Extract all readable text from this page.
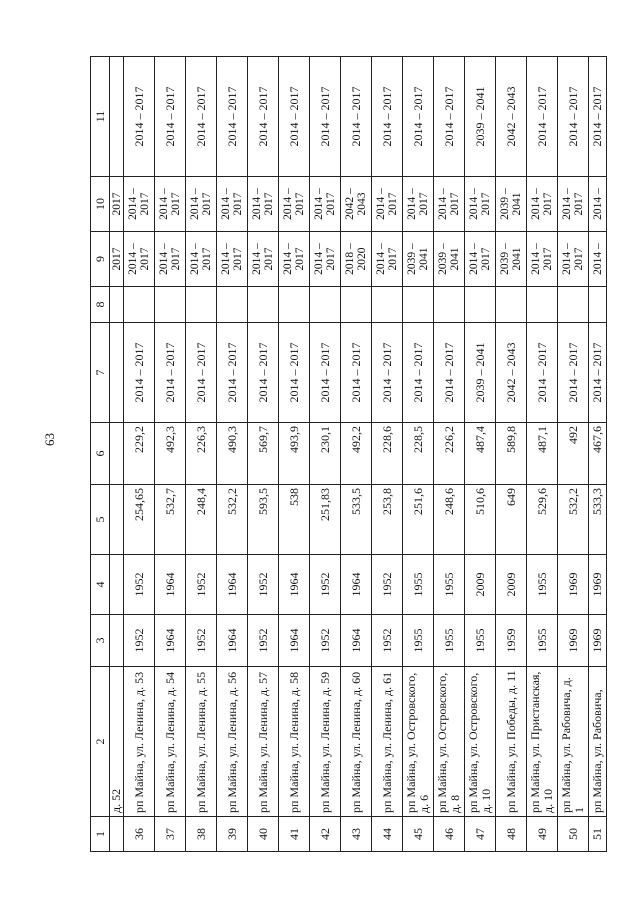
63
1	2	3	4	5	6	7	8	9	10	11
	д. 52							2017	2017	
36	рп Майна, ул. Ленина, д. 53	1952	1952	254,65	229,2	2014 – 2017		2014 – 2017	2014 – 2017	2014 – 2017
37	рп Майна, ул. Ленина, д. 54	1964	1964	532,7	492,3	2014 – 2017		2014 – 2017	2014 – 2017	2014 – 2017
38	рп Майна, ул. Ленина, д. 55	1952	1952	248,4	226,3	2014 – 2017		2014 – 2017	2014 – 2017	2014 – 2017
39	рп Майна, ул. Ленина, д. 56	1964	1964	532,2	490,3	2014 – 2017		2014 – 2017	2014 – 2017	2014 – 2017
40	рп Майна, ул. Ленина, д. 57	1952	1952	593,5	569,7	2014 – 2017		2014 – 2017	2014 – 2017	2014 – 2017
41	рп Майна, ул. Ленина, д. 58	1964	1964	538	493,9	2014 – 2017		2014 – 2017	2014 – 2017	2014 – 2017
42	рп Майна, ул. Ленина, д. 59	1952	1952	251,83	230,1	2014 – 2017		2014 – 2017	2014 – 2017	2014 – 2017
43	рп Майна, ул. Ленина, д. 60	1964	1964	533,5	492,2	2014 – 2017		2018 – 2020	2042 – 2043	2014 – 2017
44	рп Майна, ул. Ленина, д. 61	1952	1952	253,8	228,6	2014 – 2017		2014 – 2017	2014 – 2017	2014 – 2017
45	рп Майна, ул. Островского, д. 6	1955	1955	251,6	228,5	2014 – 2017		2039 – 2041	2014 – 2017	2014 – 2017
46	рп Майна, ул. Островского, д. 8	1955	1955	248,6	226,2	2014 – 2017		2039 – 2041	2014 – 2017	2014 – 2017
47	рп Майна, ул. Островского, д. 10	1955	2009	510,6	487,4	2039 – 2041		2014 – 2017	2014 – 2017	2039 – 2041
48	рп Майна, ул. Победы, д. 11	1959	2009	649	589,8	2042 – 2043		2039 – 2041	2039 – 2041	2042 – 2043
49	рп Майна, ул. Пристанская, д. 10	1955	1955	529,6	487,1	2014 – 2017		2014 – 2017	2014 – 2017	2014 – 2017
50	рп Майна, ул. Рабовича, д. 1	1969	1969	532,2	492	2014 – 2017		2014 – 2017	2014 – 2017	2014 – 2017
51	рп Майна, ул. Рабовича,	1969	1969	533,3	467,6	2014 – 2017		2014 –	2014 –	2014 – 2017
